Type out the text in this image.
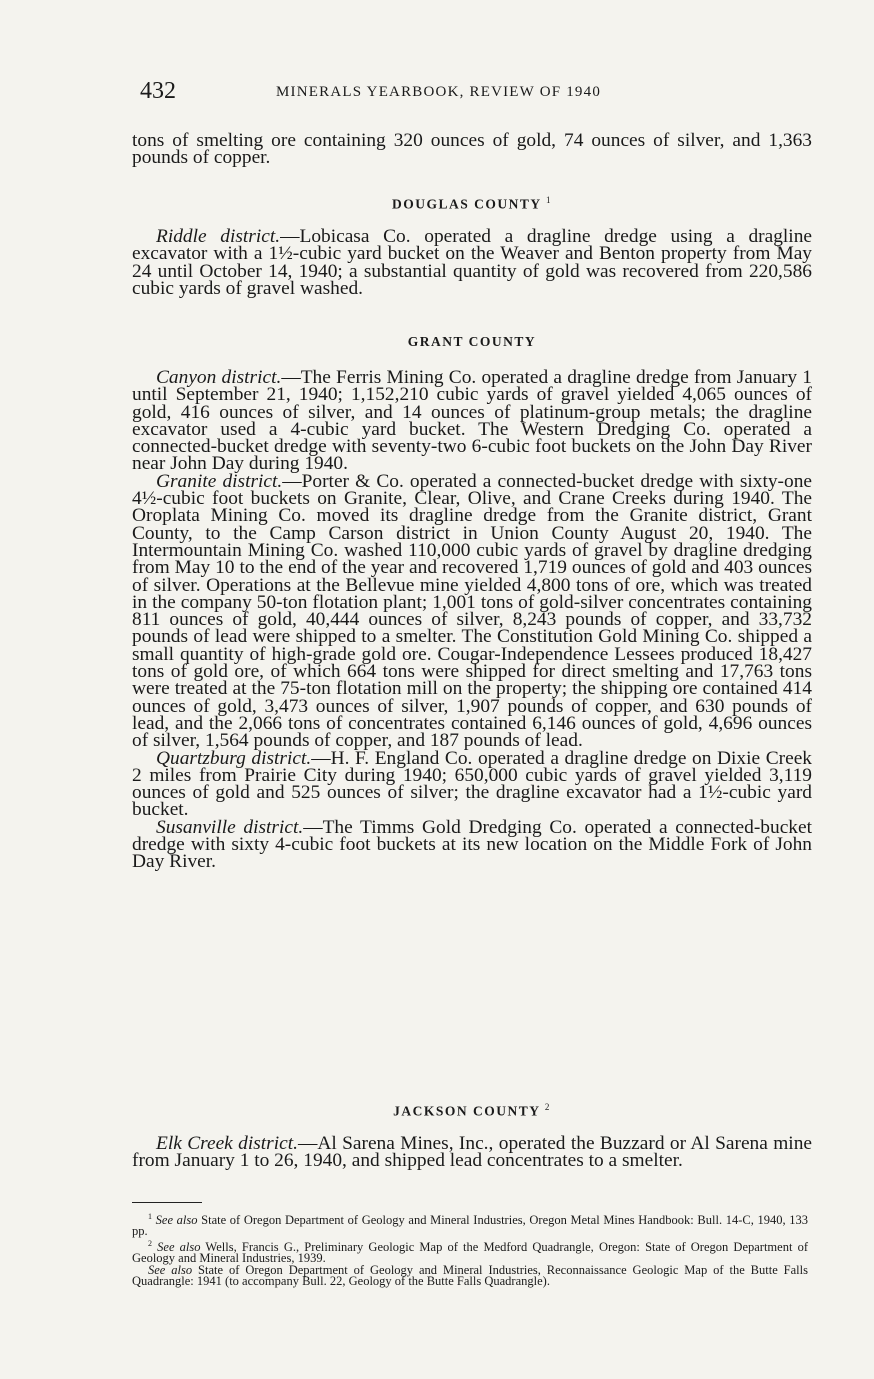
432	MINERALS YEARBOOK, REVIEW OF 1940

tons of smelting ore containing 320 ounces of gold, 74 ounces of silver, and 1,363 pounds of copper.

DOUGLAS COUNTY $^1$

Riddle district.—Lobicasa Co. operated a dragline dredge using a dragline excavator with a 1½-cubic yard bucket on the Weaver and Benton property from May 24 until October 14, 1940; a substantial quantity of gold was recovered from 220,586 cubic yards of gravel washed.

GRANT COUNTY

Canyon district.—The Ferris Mining Co. operated a dragline dredge from January 1 until September 21, 1940; 1,152,210 cubic yards of gravel yielded 4,065 ounces of gold, 416 ounces of silver, and 14 ounces of platinum-group metals; the dragline excavator used a 4-cubic yard bucket. The Western Dredging Co. operated a connected-bucket dredge with seventy-two 6-cubic foot buckets on the John Day River near John Day during 1940.

Granite district.—Porter & Co. operated a connected-bucket dredge with sixty-one 4½-cubic foot buckets on Granite, Clear, Olive, and Crane Creeks during 1940. The Oroplata Mining Co. moved its dragline dredge from the Granite district, Grant County, to the Camp Carson district in Union County August 20, 1940. The Intermountain Mining Co. washed 110,000 cubic yards of gravel by dragline dredging from May 10 to the end of the year and recovered 1,719 ounces of gold and 403 ounces of silver. Operations at the Bellevue mine yielded 4,800 tons of ore, which was treated in the company 50-ton flotation plant; 1,001 tons of gold-silver concentrates containing 811 ounces of gold, 40,444 ounces of silver, 8,243 pounds of copper, and 33,732 pounds of lead were shipped to a smelter. The Constitution Gold Mining Co. shipped a small quantity of high-grade gold ore. Cougar-Independence Lessees produced 18,427 tons of gold ore, of which 664 tons were shipped for direct smelting and 17,763 tons were treated at the 75-ton flotation mill on the property; the shipping ore contained 414 ounces of gold, 3,473 ounces of silver, 1,907 pounds of copper, and 630 pounds of lead, and the 2,066 tons of concentrates contained 6,146 ounces of gold, 4,696 ounces of silver, 1,564 pounds of copper, and 187 pounds of lead.

Quartzburg district.—H. F. England Co. operated a dragline dredge on Dixie Creek 2 miles from Prairie City during 1940; 650,000 cubic yards of gravel yielded 3,119 ounces of gold and 525 ounces of silver; the dragline excavator had a 1½-cubic yard bucket.

Susanville district.—The Timms Gold Dredging Co. operated a connected-bucket dredge with sixty 4-cubic foot buckets at its new location on the Middle Fork of John Day River.

JACKSON COUNTY $^2$

Elk Creek district.—Al Sarena Mines, Inc., operated the Buzzard or Al Sarena mine from January 1 to 26, 1940, and shipped lead concentrates to a smelter.

$^1$ See also State of Oregon Department of Geology and Mineral Industries, Oregon Metal Mines Handbook: Bull. 14-C, 1940, 133 pp.

$^2$ See also Wells, Francis G., Preliminary Geologic Map of the Medford Quadrangle, Oregon: State of Oregon Department of Geology and Mineral Industries, 1939.

See also State of Oregon Department of Geology and Mineral Industries, Reconnaissance Geologic Map of the Butte Falls Quadrangle: 1941 (to accompany Bull. 22, Geology of the Butte Falls Quadrangle).
